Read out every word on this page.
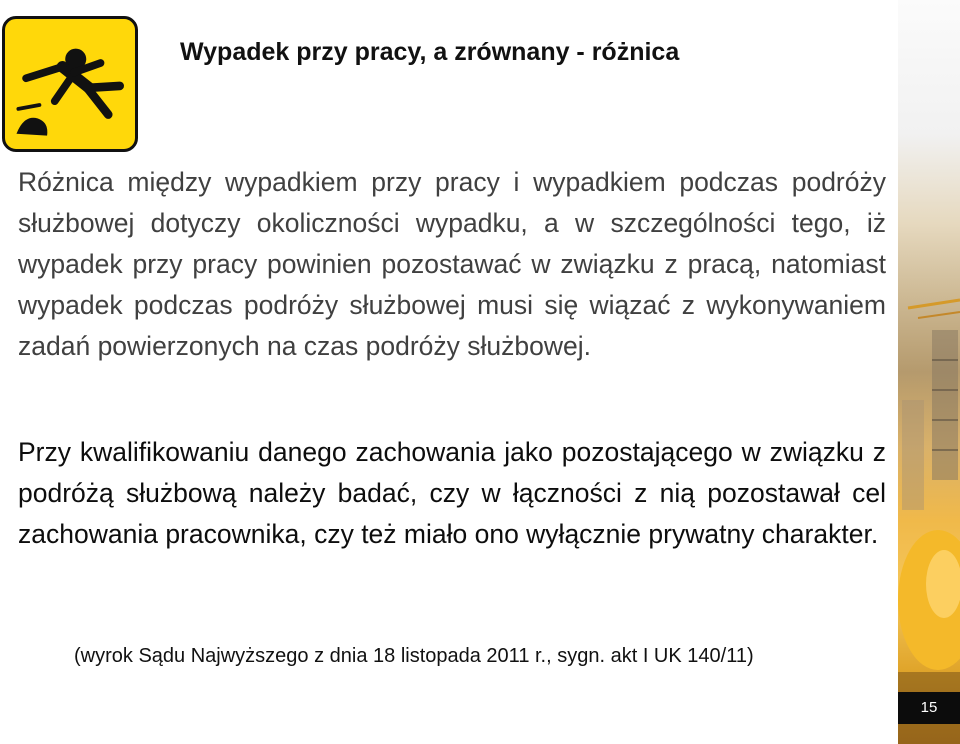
Wypadek przy pracy, a zrównany - różnica
Różnica między wypadkiem przy pracy i wypadkiem podczas podróży służbowej dotyczy okoliczności wypadku, a w szczególności tego, iż wypadek przy pracy powinien pozostawać w związku z pracą, natomiast wypadek podczas podróży służbowej musi się wiązać z wykonywaniem zadań powierzonych na czas podróży służbowej.
Przy kwalifikowaniu danego zachowania jako pozostającego w związku z podróżą służbową należy badać, czy w łączności z nią pozostawał cel zachowania pracownika, czy też miało ono wyłącznie prywatny charakter.
(wyrok Sądu Najwyższego z dnia 18 listopada 2011 r., sygn. akt I UK 140/11)
15
